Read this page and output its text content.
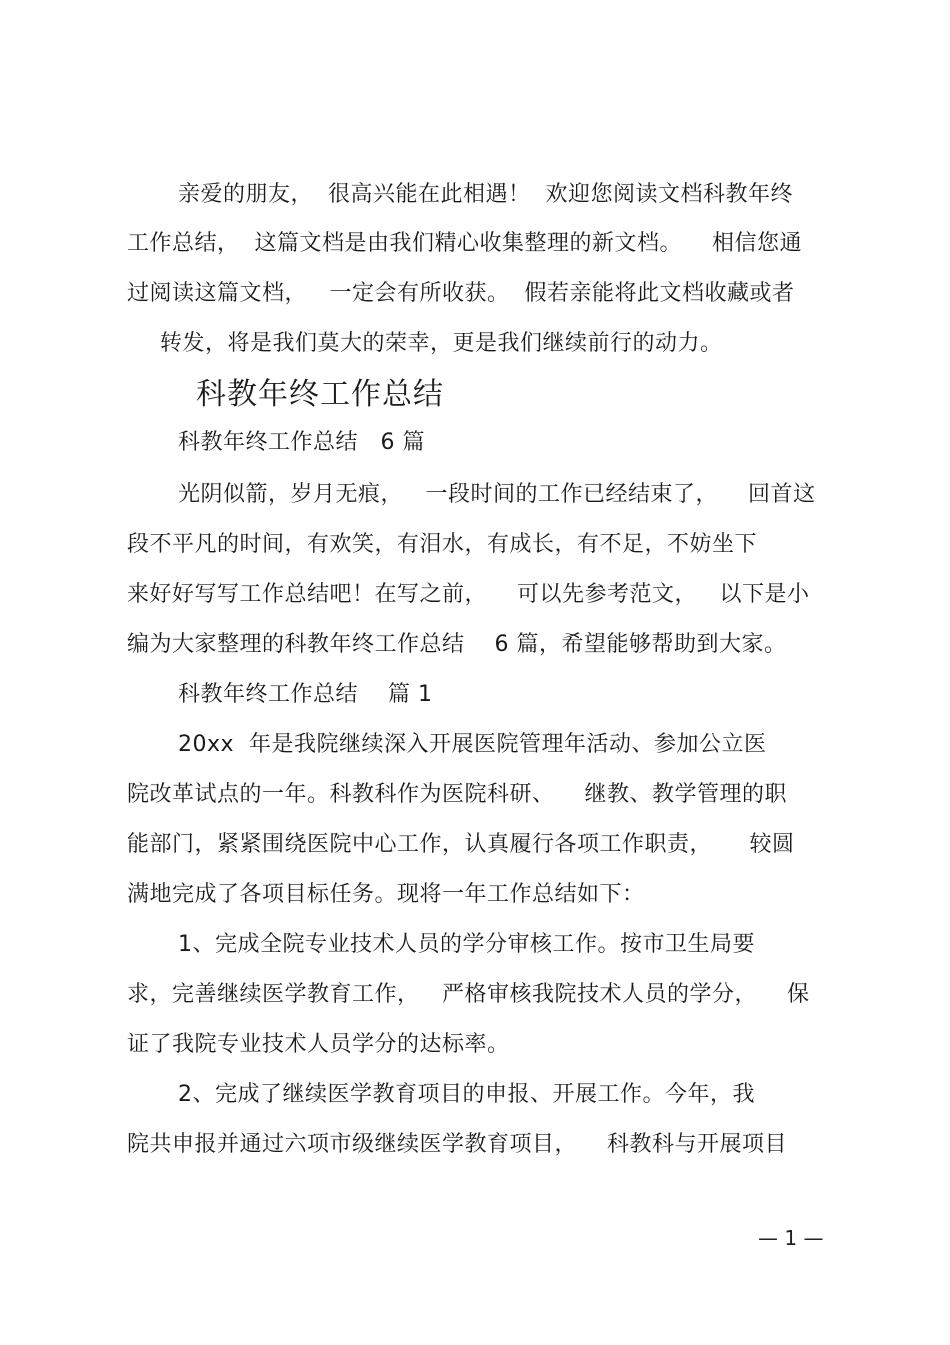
亲爱的朋友，  很高兴能在此相遇！  欢迎您阅读文档科教年终
工作总结，  这篇文档是由我们精心收集整理的新文档。    相信您通
过阅读这篇文档，   一定会有所收获。  假若亲能将此文档收藏或者
转发，将是我们莫大的荣幸，更是我们继续前行的动力。
科教年终工作总结
科教年终工作总结   6 篇
光阴似箭，岁月无痕，   一段时间的工作已经结束了，    回首这
段不平凡的时间，有欢笑，有泪水，有成长，有不足，不妨坐下
来好好写写工作总结吧！在写之前，    可以先参考范文，   以下是小
编为大家整理的科教年终工作总结    6 篇，希望能够帮助到大家。
科教年终工作总结    篇 1
20xx  年是我院继续深入开展医院管理年活动、参加公立医
院改革试点的一年。科教科作为医院科研、    继教、教学管理的职
能部门，紧紧围绕医院中心工作，认真履行各项工作职责，     较圆
满地完成了各项目标任务。现将一年工作总结如下：
1、完成全院专业技术人员的学分审核工作。按市卫生局要
求，完善继续医学教育工作，   严格审核我院技术人员的学分，    保
证了我院专业技术人员学分的达标率。
2、完成了继续医学教育项目的申报、开展工作。今年，我
院共申报并通过六项市级继续医学教育项目，    科教科与开展项目
— 1 —
